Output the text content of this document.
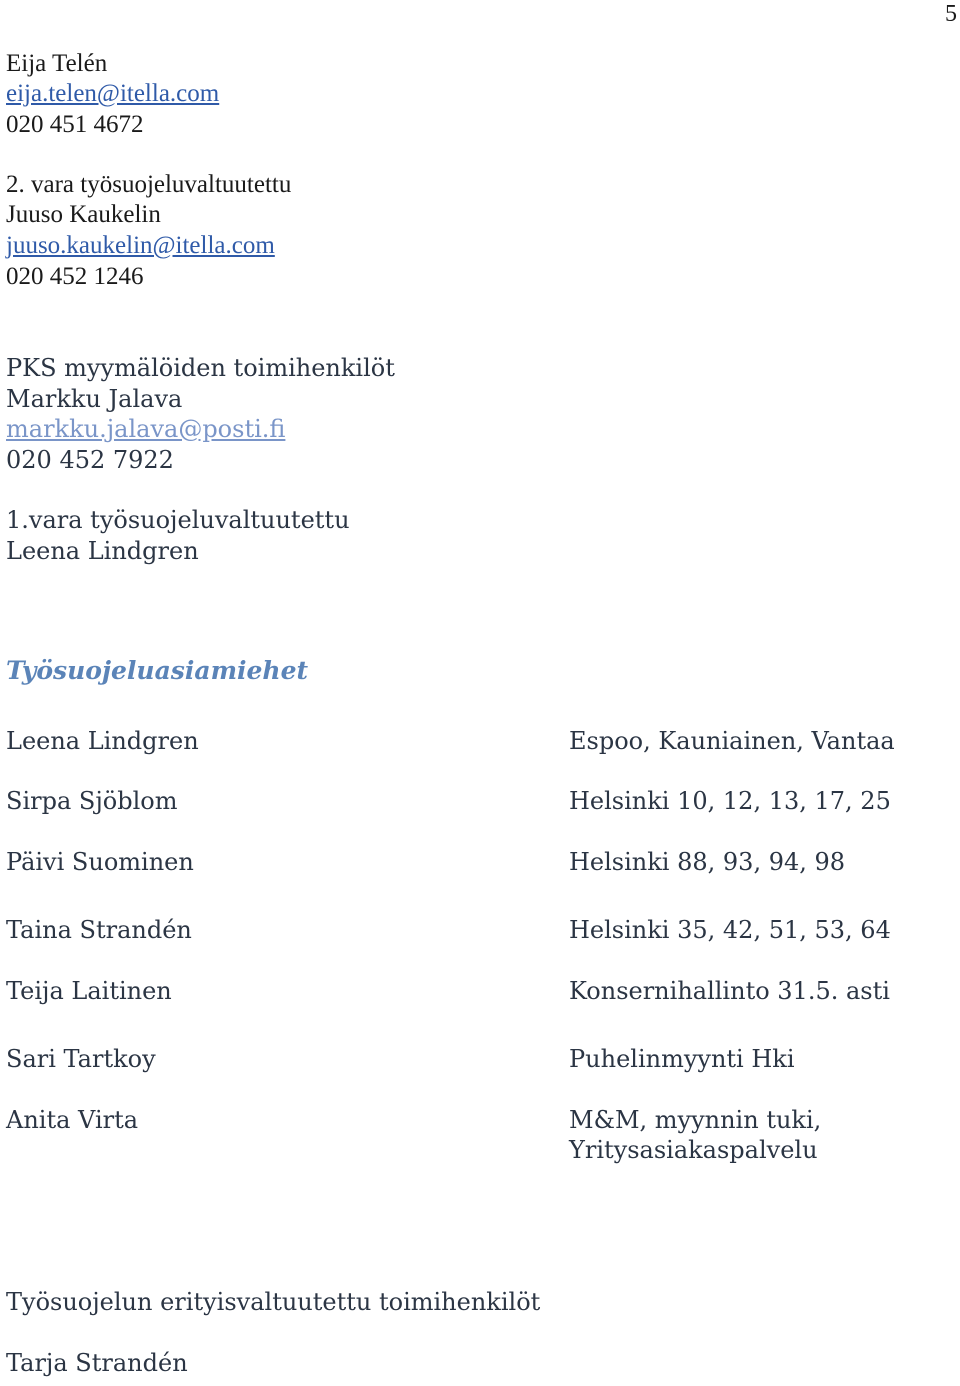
5
Eija Telén
eija.telen@itella.com
020 451 4672
2. vara työsuojeluvaltuutettu
Juuso Kaukelin
juuso.kaukelin@itella.com
020 452 1246
PKS myymälöiden toimihenkilöt
Markku Jalava
markku.jalava@posti.fi
020 452 7922
1.vara työsuojeluvaltuutettu
Leena Lindgren
Työsuojeluasiamiehet
Leena Lindgren	Espoo, Kauniainen, Vantaa
Sirpa Sjöblom	Helsinki 10, 12, 13, 17, 25
Päivi Suominen	Helsinki 88, 93, 94, 98
Taina Strandén	Helsinki 35, 42, 51, 53, 64
Teija Laitinen	Konsernihallinto 31.5. asti
Sari Tartkoy	Puhelinmyynti Hki
Anita Virta	M&M, myynnin tuki,
Yritysasiakaspalvelu
Työsuojelun erityisvaltuutettu toimihenkilöt
Tarja Strandén
